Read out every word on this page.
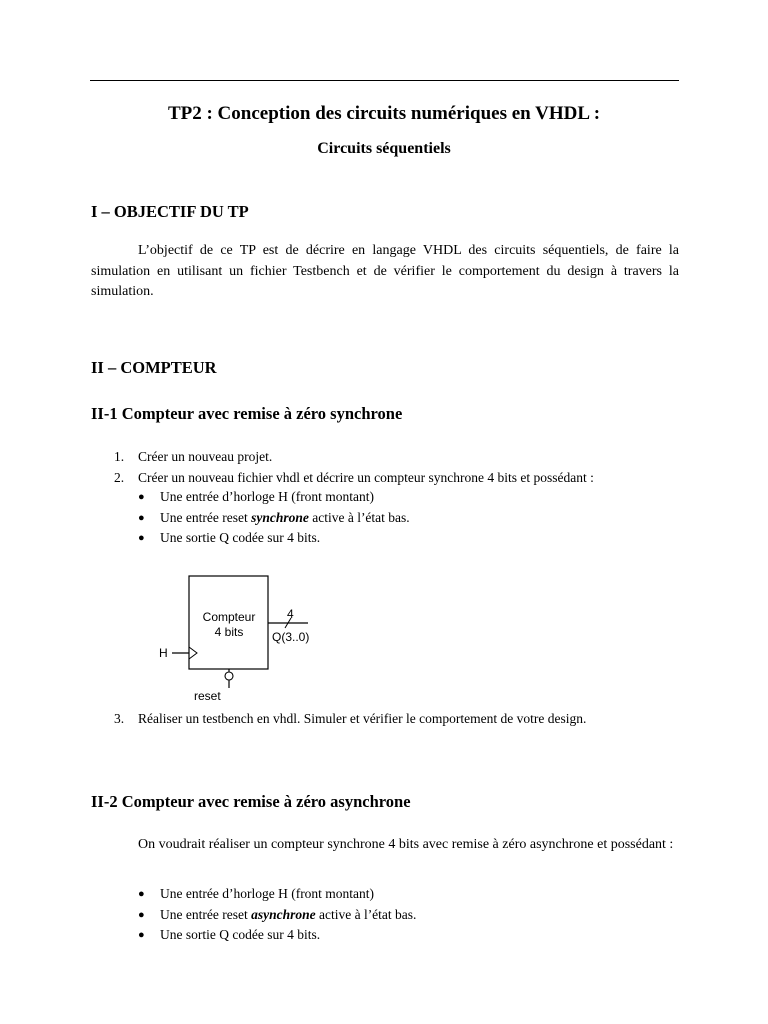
TP2 : Conception des circuits numériques en VHDL :
Circuits séquentiels
I – OBJECTIF DU TP
L’objectif de ce TP est de décrire en langage VHDL des circuits séquentiels, de faire la simulation en utilisant un fichier Testbench et de vérifier le comportement du design à travers la simulation.
II – COMPTEUR
II-1 Compteur avec remise à zéro synchrone
1.	Créer un nouveau projet.
2.	Créer un nouveau fichier vhdl et décrire un compteur synchrone 4 bits et possédant :
●	Une entrée d’horloge H (front montant)
●	Une entrée reset synchrone active à l’état bas.
●	Une sortie Q codée sur 4 bits.
Compteur
4 bits
4
Q(3..0)
H
reset
3.	Réaliser un testbench en vhdl. Simuler et vérifier le comportement de votre design.
II-2 Compteur avec remise à zéro asynchrone
On voudrait réaliser un compteur synchrone 4 bits avec remise à zéro asynchrone et possédant :
●	Une entrée d’horloge H (front montant)
●	Une entrée reset asynchrone active à l’état bas.
●	Une sortie Q codée sur 4 bits.
